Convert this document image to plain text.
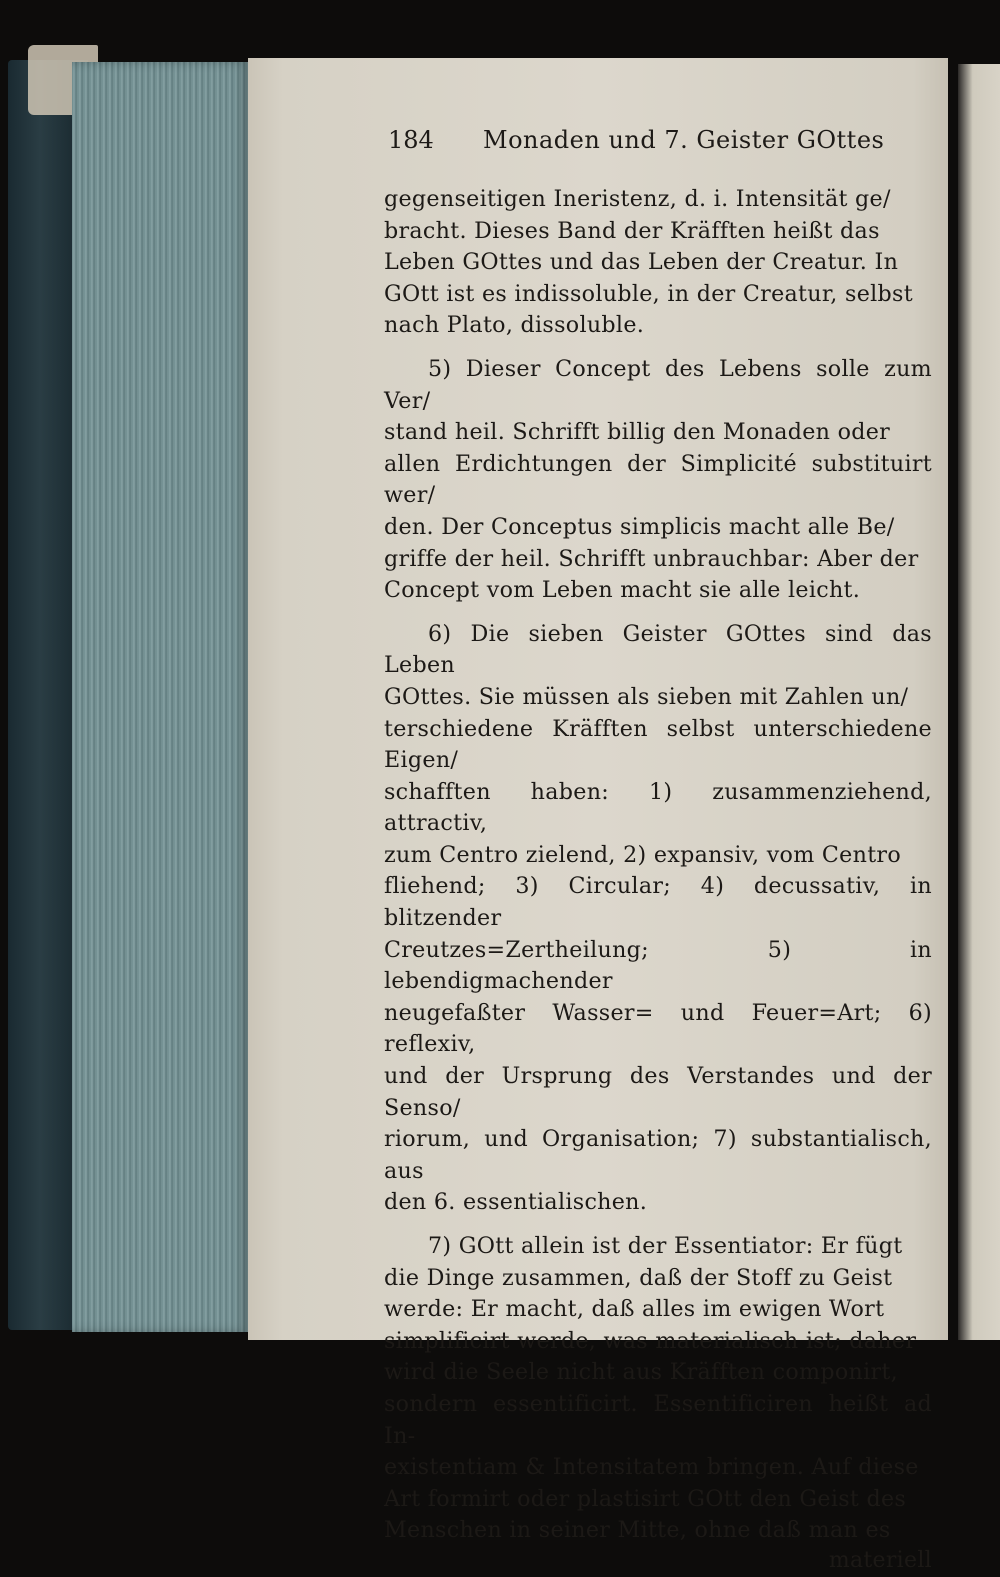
184 Monaden und 7. Geister GOttes
gegenseitigen Ineristenz, d. i. Intensität ge/
bracht. Dieses Band der Kräfften heißt das
Leben GOttes und das Leben der Creatur. In
GOtt ist es indissoluble, in der Creatur, selbst
nach Plato, dissoluble.
5) Dieser Concept des Lebens solle zum Ver/
stand heil. Schrifft billig den Monaden oder
allen Erdichtungen der Simplicité substituirt wer/
den. Der Conceptus simplicis macht alle Be/
griffe der heil. Schrifft unbrauchbar: Aber der
Concept vom Leben macht sie alle leicht.
6) Die sieben Geister GOttes sind das Leben
GOttes. Sie müssen als sieben mit Zahlen un/
terschiedene Kräfften selbst unterschiedene Eigen/
schafften haben: 1) zusammenziehend, attractiv,
zum Centro zielend, 2) expansiv, vom Centro
fliehend; 3) Circular; 4) decussativ, in blitzender
Creutzes=Zertheilung; 5) in lebendigmachender
neugefaßter Wasser= und Feuer=Art; 6) reflexiv,
und der Ursprung des Verstandes und der Senso/
riorum, und Organisation; 7) substantialisch, aus
den 6. essentialischen.
7) GOtt allein ist der Essentiator: Er fügt
die Dinge zusammen, daß der Stoff zu Geist
werde: Er macht, daß alles im ewigen Wort
simplificirt werde, was materialisch ist; daher
wird die Seele nicht aus Kräfften componirt,
sondern essentificirt. Essentificiren heißt ad In-
existentiam & Intensitatem bringen. Auf diese
Art formirt oder plastisirt GOtt den Geist des
Menschen in seiner Mitte, ohne daß man es
materiell
